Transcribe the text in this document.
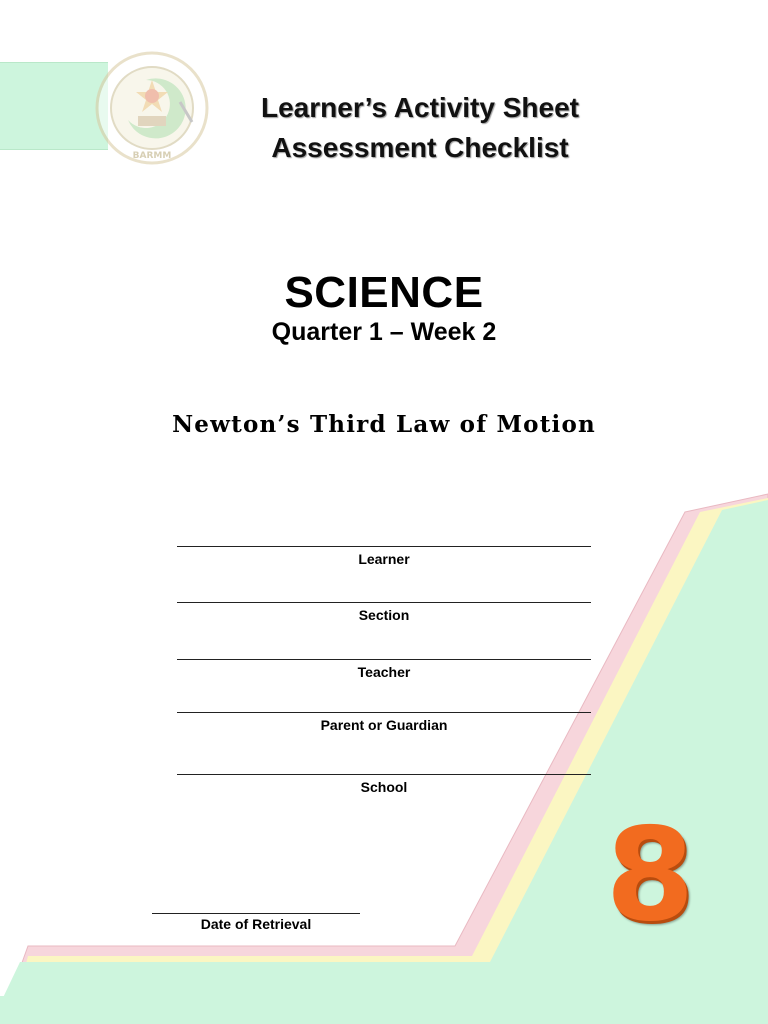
BARMM
Learner’s Activity Sheet
Assessment Checklist
SCIENCE
Quarter 1 – Week 2
Newton’s Third Law of Motion
Learner
Section
Teacher
Parent or Guardian
School
Date of Retrieval	8
